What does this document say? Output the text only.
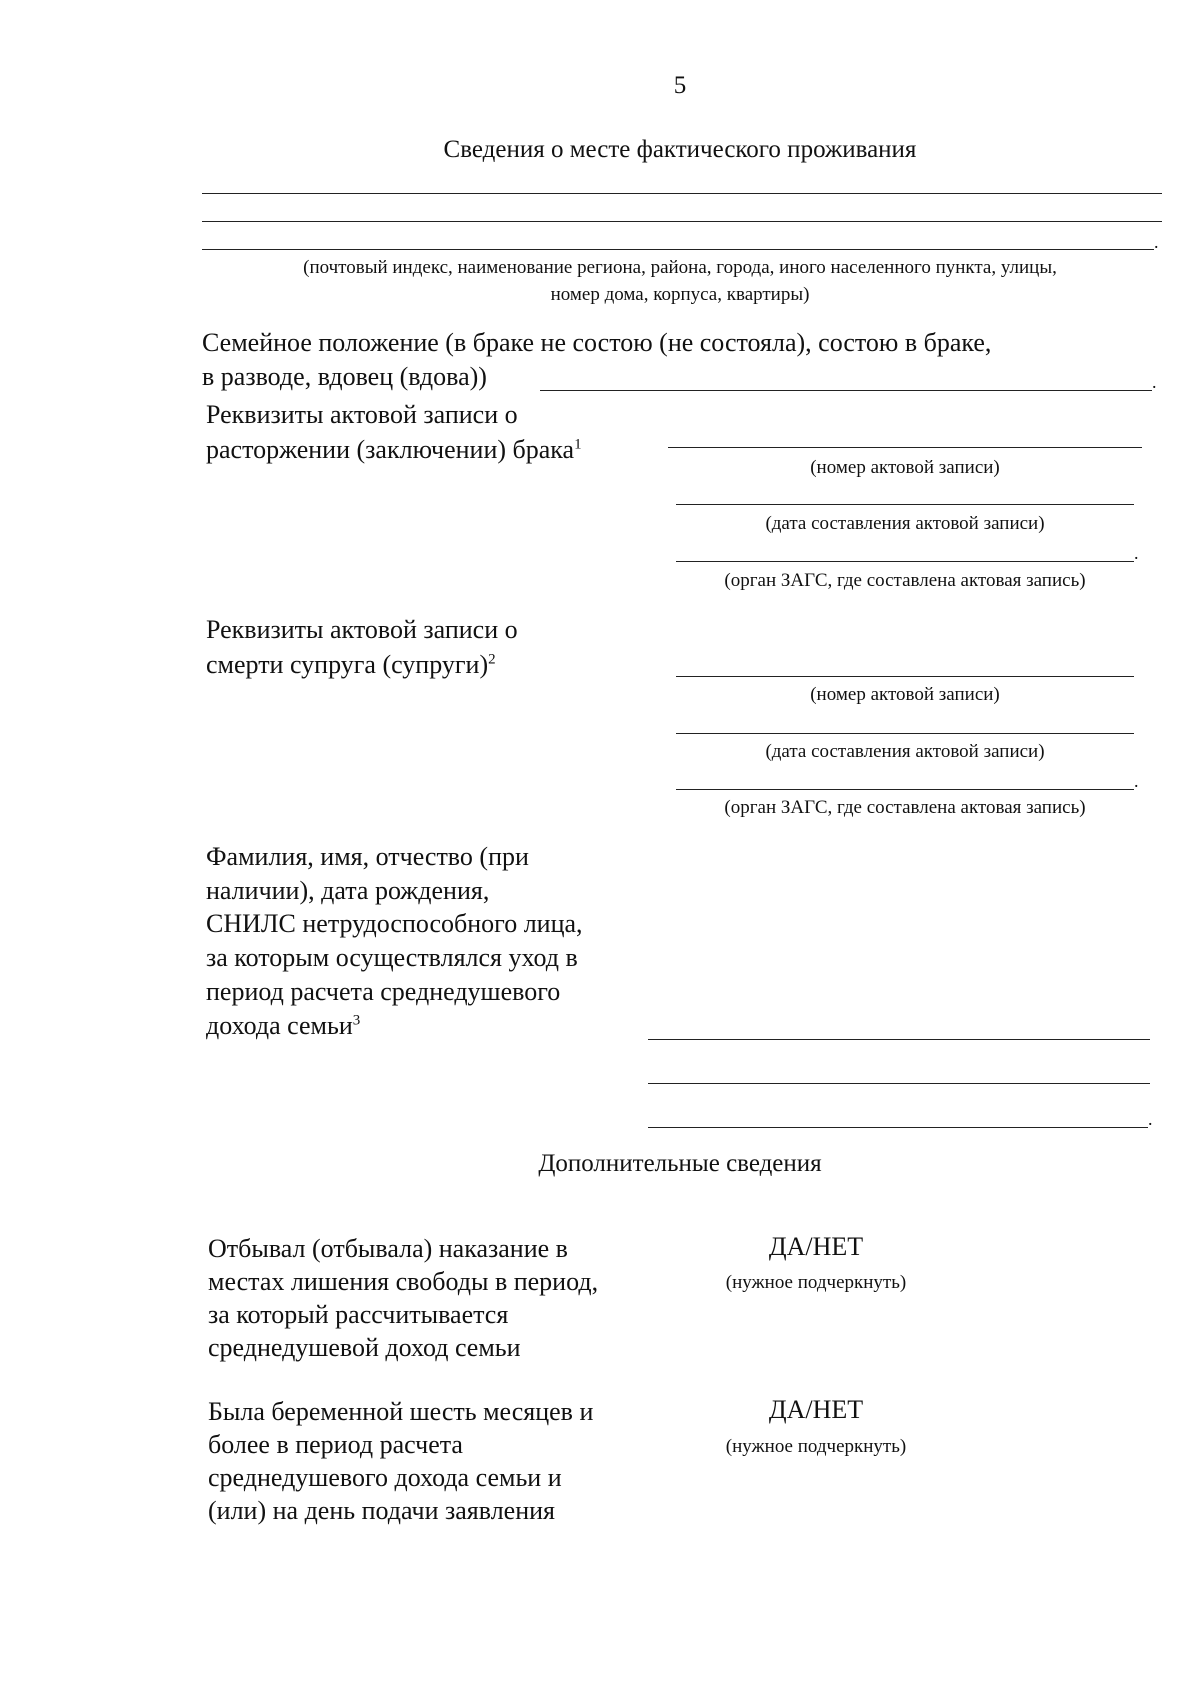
5
Сведения о месте фактического проживания
.
(почтовый индекс, наименование региона, района, города, иного населенного пункта, улицы,
номер дома, корпуса, квартиры)
Семейное положение (в браке не состою (не состояла), состою в браке,
в разводе, вдовец (вдова))	.
Реквизиты актовой записи о
расторжении (заключении) брака$^1$
(номер актовой записи)
(дата составления актовой записи)
.
(орган ЗАГС, где составлена актовая запись)
Реквизиты актовой записи о
смерти супруга (супруги)$^2$
(номер актовой записи)
(дата составления актовой записи)
.
(орган ЗАГС, где составлена актовая запись)
Фамилия, имя, отчество (при
наличии), дата рождения,
СНИЛС нетрудоспособного лица,
за которым осуществлялся уход в
период расчета среднедушевого
дохода семьи$^3$
.
Дополнительные сведения
Отбывал (отбывала) наказание в
местах лишения свободы в период,
за который рассчитывается
среднедушевой доход семьи
ДА/НЕТ
(нужное подчеркнуть)
Была беременной шесть месяцев и
более в период расчета
среднедушевого дохода семьи и
(или) на день подачи заявления
ДА/НЕТ
(нужное подчеркнуть)
